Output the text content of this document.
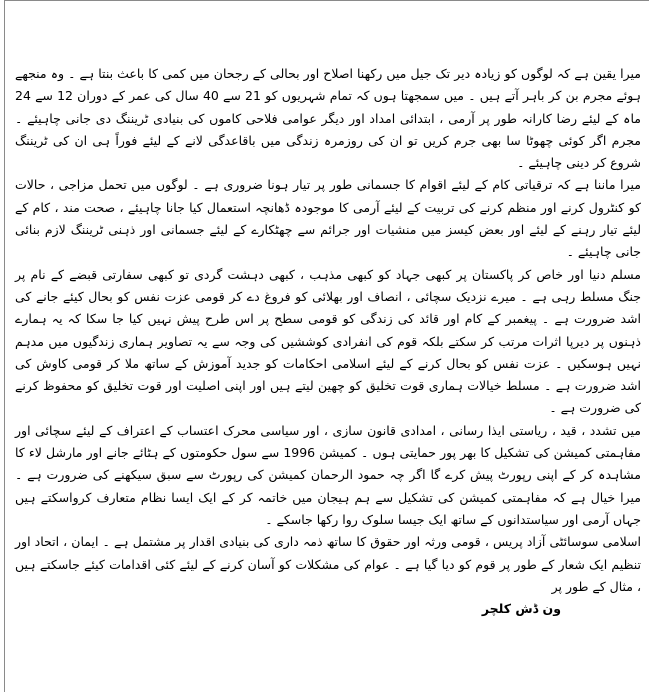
میرا یقین ہے کہ لوگوں کو زیادہ دیر تک جیل میں رکھنا اصلاح اور بحالی کے رجحان میں کمی کا باعث بنتا ہے ۔ وہ منجھے ہوئے مجرم بن کر باہر آتے ہیں ۔ میں سمجھتا ہوں کہ تمام شہریوں کو 21 سے 40 سال کی عمر کے دوران 12 سے 24 ماہ کے لیئے رضا کارانہ طور پر آرمی ، ابتدائی امداد اور دیگر عوامی فلاحی کاموں کی بنیادی ٹریننگ دی جانی چاہیئے ۔ مجرم اگر کوئی چھوٹا سا بھی جرم کریں تو ان کی روزمرہ زندگی میں باقاعدگی لانے کے لیئے فوراً ہی ان کی ٹریننگ شروع کر دینی چاہیئے ۔

میرا ماننا ہے کہ ترقیاتی کام کے لیئے اقوام کا جسمانی طور پر تیار ہونا ضروری ہے ۔ لوگوں میں تحمل مزاجی ، حالات کو کنٹرول کرنے اور منظم کرنے کی تربیت کے لیئے آرمی کا موجودہ ڈھانچہ استعمال کیا جانا چاہیئے ، صحت مند ، کام کے لیئے تیار رہنے کے لیئے اور بعض کیسز میں منشیات اور جرائم سے چھٹکارے کے لیئے جسمانی اور ذہنی ٹریننگ لازم بنائی جانی چاہیئے ۔

مسلم دنیا اور خاص کر پاکستان پر کبھی جہاد کو کبھی مذہب ، کبھی دہشت گردی تو کبھی سفارتی قبضے کے نام پر جنگ مسلط رہی ہے ۔ میرے نزدیک سچائی ، انصاف اور بھلائی کو فروغ دے کر قومی عزت نفس کو بحال کیئے جانے کی اشد ضرورت ہے ۔ پیغمبر کے کام اور قائد کی زندگی کو قومی سطح پر اس طرح پیش نہیں کیا جا سکا کہ یہ ہمارے ذہنوں پر دیرپا اثرات مرتب کر سکتے بلکہ قوم کی انفرادی کوششیں کی وجہ سے یہ تصاویر ہماری زندگیوں میں مدہم نہیں ہوسکیں ۔ عزت نفس کو بحال کرنے کے لیئے اسلامی احکامات کو جدید آموزش کے ساتھ ملا کر قومی کاوش کی اشد ضرورت ہے ۔ مسلط خیالات ہماری قوت تخلیق کو چھین لیتے ہیں اور اپنی اصلیت اور قوت تخلیق کو محفوظ کرنے کی ضرورت ہے ۔

میں تشدد ، قید ، ریاستی ایذا رسانی ، امدادی قانون سازی ، اور سیاسی محرک اعتساب کے اعتراف کے لیئے سچائی اور مفاہمتی کمیشن کی تشکیل کا بھر پور حمایتی ہوں ۔ کمیشن 1996 سے سول حکومتوں کے ہٹائے جانے اور مارشل لاء کا مشاہدہ کر کے اپنی رپورٹ پیش کرے گا اگر چہ حمود الرحمان کمیشن کی رپورٹ سے سبق سیکھنے کی ضرورت ہے ۔ میرا خیال ہے کہ مفاہمتی کمیشن کی تشکیل سے ہم ہیجان میں خاتمہ کر کے ایک ایسا نظام متعارف کرواسکتے ہیں جہاں آرمی اور سیاستدانوں کے ساتھ ایک جیسا سلوک روا رکھا جاسکے ۔

اسلامی سوسائٹی آزاد پریس ، قومی ورثہ اور حقوق کا ساتھ ذمہ داری کی بنیادی اقدار پر مشتمل ہے ۔ ایمان ، اتحاد اور تنظیم ایک شعار کے طور پر قوم کو دیا گیا ہے ۔ عوام کی مشکلات کو آسان کرنے کے لیئے کئی اقدامات کیئے جاسکتے ہیں ، مثال کے طور پر

ون ڈش کلچر
